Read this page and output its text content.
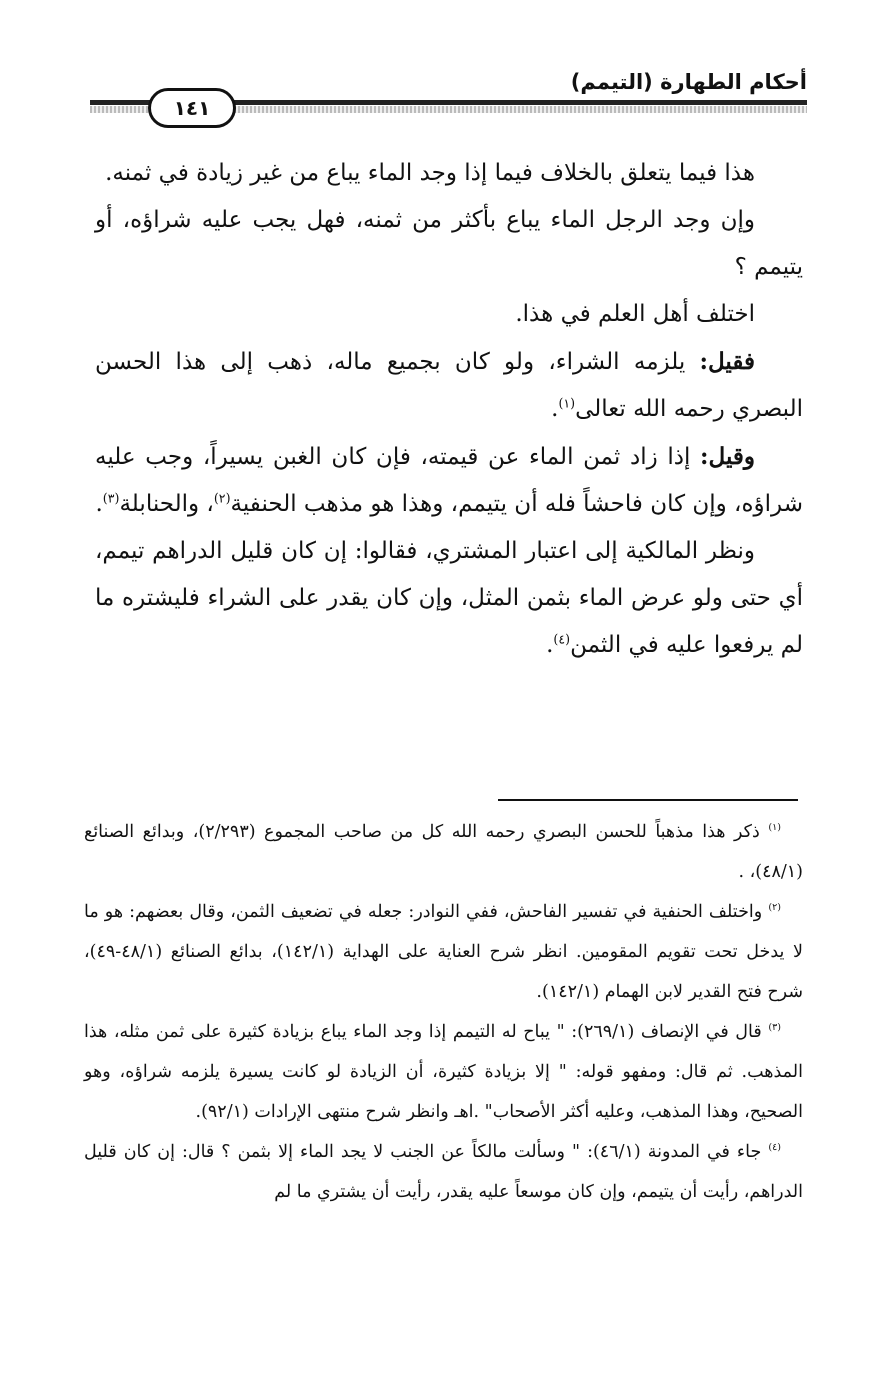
أحكام الطهارة (التيمم)
١٤١

هذا فيما يتعلق بالخلاف فيما إذا وجد الماء يباع من غير زيادة في ثمنه.

وإن وجد الرجل الماء يباع بأكثر من ثمنه، فهل يجب عليه شراؤه، أو يتيمم ؟

اختلف أهل العلم في هذا.

فقيل: يلزمه الشراء، ولو كان بجميع ماله، ذهب إلى هذا الحسن البصري رحمه الله تعالى$^{(١)}$.

وقيل: إذا زاد ثمن الماء عن قيمته، فإن كان الغبن يسيراً، وجب عليه شراؤه، وإن كان فاحشاً فله أن يتيمم، وهذا هو مذهب الحنفية$^{(٢)}$، والحنابلة$^{(٣)}$.

ونظر المالكية إلى اعتبار المشتري، فقالوا: إن كان قليل الدراهم تيمم، أي حتى ولو عرض الماء بثمن المثل، وإن كان يقدر على الشراء فليشتره ما لم يرفعوا عليه في الثمن$^{(٤)}$.

$^{(١)}$ ذكر هذا مذهباً للحسن البصري رحمه الله كل من صاحب المجموع (٢/٢٩٣)، وبدائع الصنائع (٤٨/١)، .

$^{(٢)}$ واختلف الحنفية في تفسير الفاحش، ففي النوادر: جعله في تضعيف الثمن، وقال بعضهم: هو ما لا يدخل تحت تقويم المقومين. انظر شرح العناية على الهداية (١٤٢/١)، بدائع الصنائع (٤٨/١-٤٩)، شرح فتح القدير لابن الهمام (١٤٢/١).

$^{(٣)}$ قال في الإنصاف (٢٦٩/١): " يباح له التيمم إذا وجد الماء يباع بزيادة كثيرة على ثمن مثله، هذا المذهب. ثم قال: ومفهو قوله: " إلا بزيادة كثيرة، أن الزيادة لو كانت يسيرة يلزمه شراؤه، وهو الصحيح، وهذا المذهب، وعليه أكثر الأصحاب" .اهـ وانظر شرح منتهى الإرادات (٩٢/١).

$^{(٤)}$ جاء في المدونة (٤٦/١): " وسألت مالكاً عن الجنب لا يجد الماء إلا بثمن ؟ قال: إن كان قليل الدراهم، رأيت أن يتيمم، وإن كان موسعاً عليه يقدر، رأيت أن يشتري ما لم
